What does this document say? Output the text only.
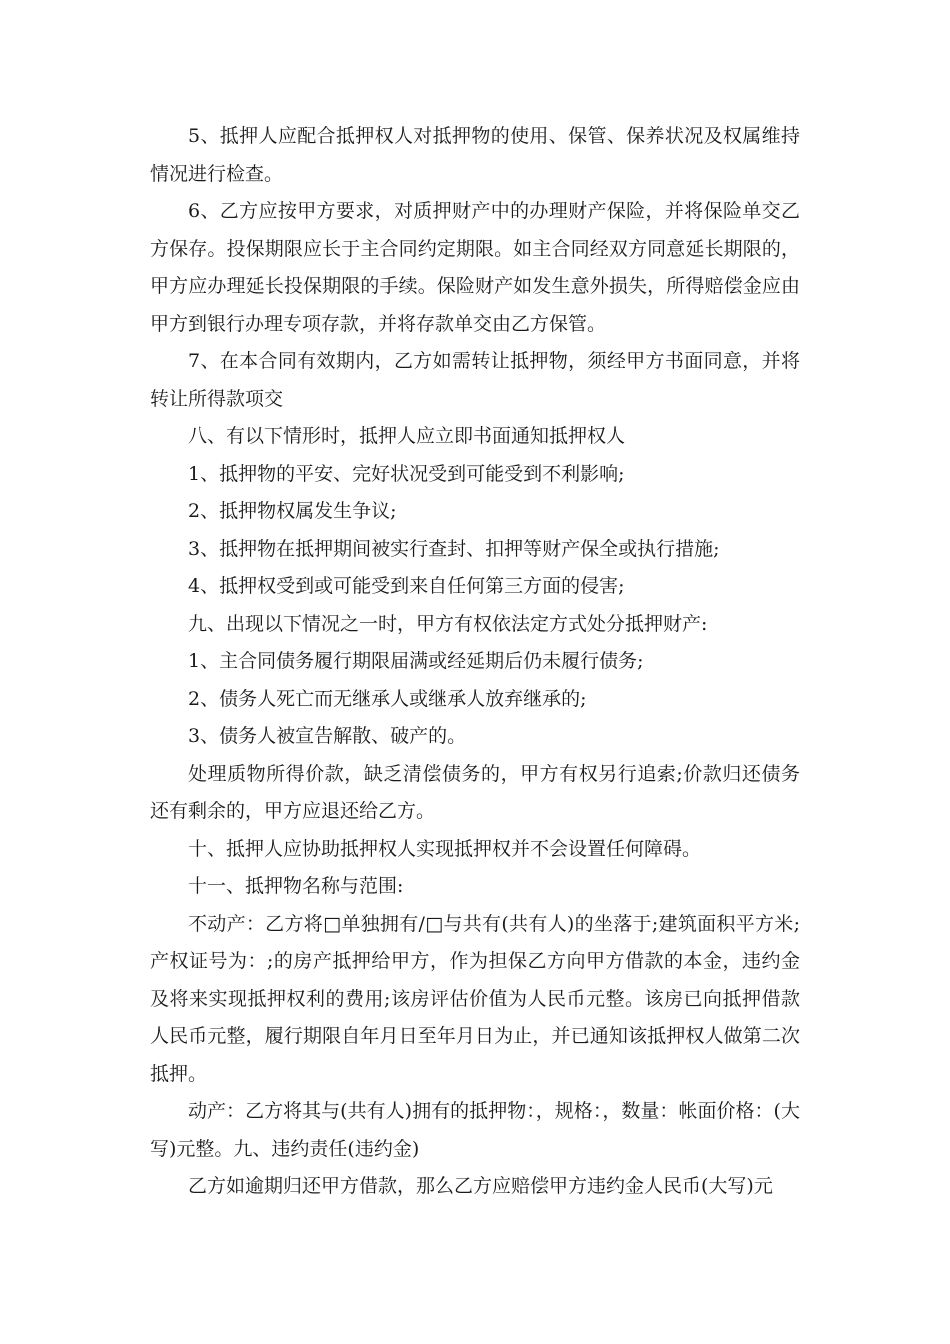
5、抵押人应配合抵押权人对抵押物的使用、保管、保养状况及权属维持情况进行检查。

6、乙方应按甲方要求，对质押财产中的办理财产保险，并将保险单交乙方保存。投保期限应长于主合同约定期限。如主合同经双方同意延长期限的，甲方应办理延长投保期限的手续。保险财产如发生意外损失，所得赔偿金应由甲方到银行办理专项存款，并将存款单交由乙方保管。

7、在本合同有效期内，乙方如需转让抵押物，须经甲方书面同意，并将转让所得款项交

八、有以下情形时，抵押人应立即书面通知抵押权人

1、抵押物的平安、完好状况受到可能受到不利影响;

2、抵押物权属发生争议;

3、抵押物在抵押期间被实行查封、扣押等财产保全或执行措施;

4、抵押权受到或可能受到来自任何第三方面的侵害;

九、出现以下情况之一时，甲方有权依法定方式处分抵押财产:

1、主合同债务履行期限届满或经延期后仍未履行债务;

2、债务人死亡而无继承人或继承人放弃继承的;

3、债务人被宣告解散、破产的。

处理质物所得价款，缺乏清偿债务的，甲方有权另行追索;价款归还债务还有剩余的，甲方应退还给乙方。

十、抵押人应协助抵押权人实现抵押权并不会设置任何障碍。

十一、抵押物名称与范围:

不动产：乙方将□单独拥有/□与共有(共有人)的坐落于;建筑面积平方米;产权证号为：;的房产抵押给甲方，作为担保乙方向甲方借款的本金，违约金及将来实现抵押权利的费用;该房评估价值为人民币元整。该房已向抵押借款人民币元整，履行期限自年月日至年月日为止，并已通知该抵押权人做第二次抵押。

动产：乙方将其与(共有人)拥有的抵押物：，规格：，数量：帐面价格：(大写)元整。九、违约责任(违约金)

乙方如逾期归还甲方借款，那么乙方应赔偿甲方违约金人民币(大写)元
